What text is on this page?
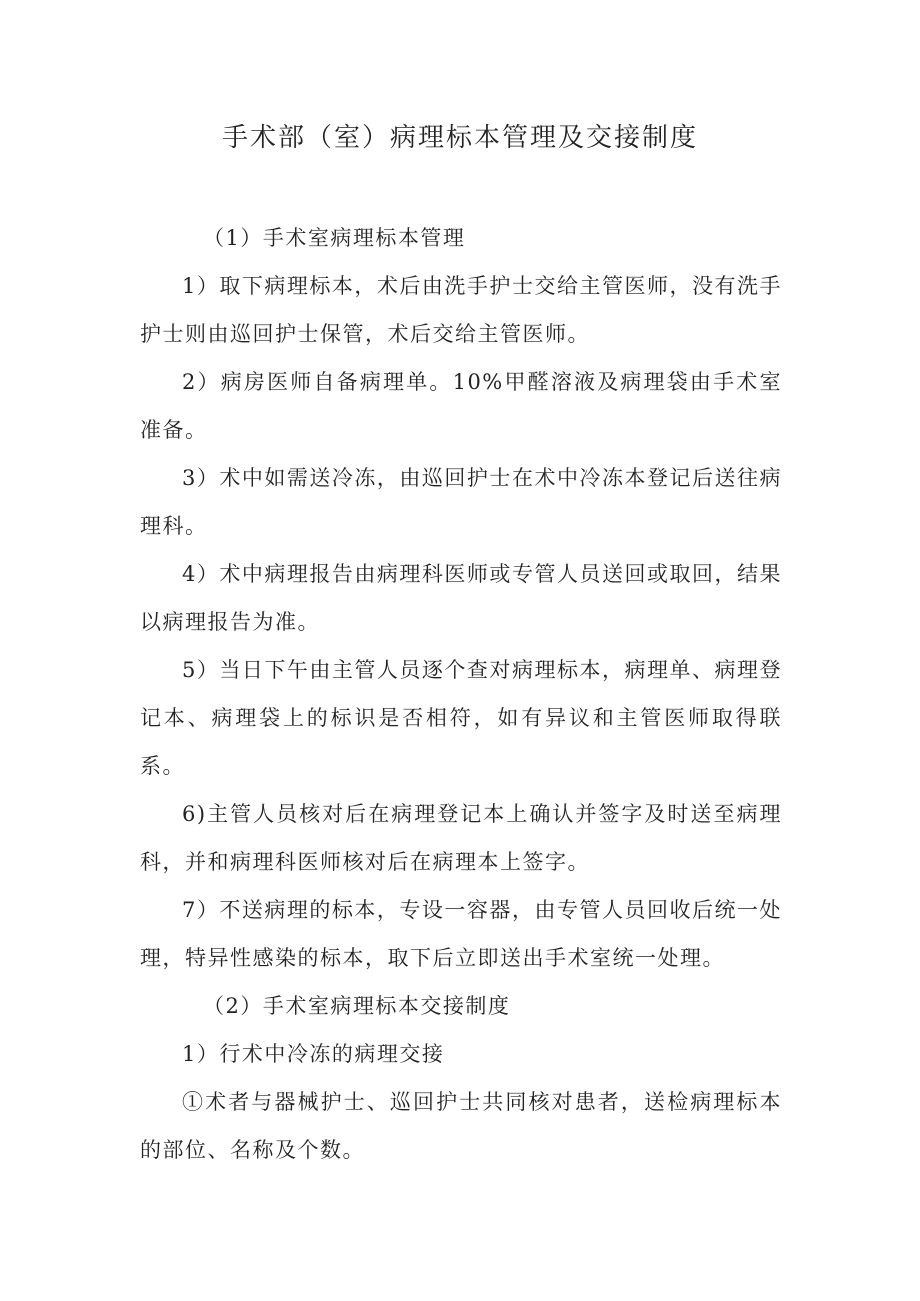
手术部（室）病理标本管理及交接制度

（1）手术室病理标本管理

1）取下病理标本，术后由洗手护士交给主管医师，没有洗手护士则由巡回护士保管，术后交给主管医师。

2）病房医师自备病理单。10%甲醛溶液及病理袋由手术室准备。

3）术中如需送冷冻，由巡回护士在术中冷冻本登记后送往病理科。

4）术中病理报告由病理科医师或专管人员送回或取回，结果以病理报告为准。

5）当日下午由主管人员逐个查对病理标本，病理单、病理登记本、病理袋上的标识是否相符，如有异议和主管医师取得联系。

6)主管人员核对后在病理登记本上确认并签字及时送至病理科，并和病理科医师核对后在病理本上签字。

7）不送病理的标本，专设一容器，由专管人员回收后统一处理，特异性感染的标本，取下后立即送出手术室统一处理。

（2）手术室病理标本交接制度

1）行术中冷冻的病理交接

①术者与器械护士、巡回护士共同核对患者，送检病理标本的部位、名称及个数。
